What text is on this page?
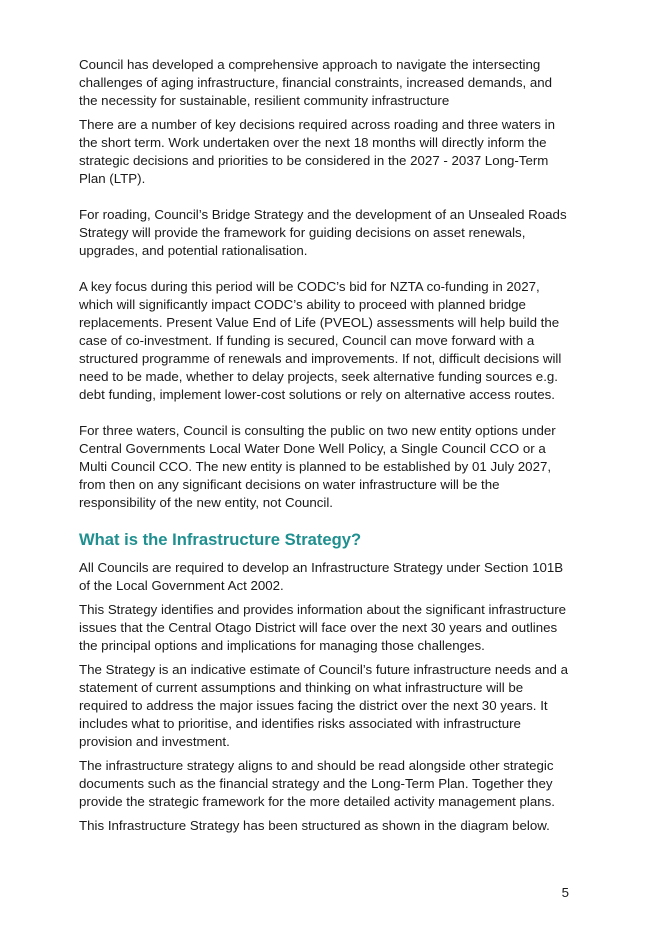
Council has developed a comprehensive approach to navigate the intersecting challenges of aging infrastructure, financial constraints, increased demands, and the necessity for sustainable, resilient community infrastructure

There are a number of key decisions required across roading and three waters in the short term. Work undertaken over the next 18 months will directly inform the strategic decisions and priorities to be considered in the 2027 - 2037 Long-Term Plan (LTP).

For roading, Council’s Bridge Strategy and the development of an Unsealed Roads Strategy will provide the framework for guiding decisions on asset renewals, upgrades, and potential rationalisation.

A key focus during this period will be CODC’s bid for NZTA co-funding in 2027, which will significantly impact CODC’s ability to proceed with planned bridge replacements. Present Value End of Life (PVEOL) assessments will help build the case of co-investment. If funding is secured, Council can move forward with a structured programme of renewals and improvements. If not, difficult decisions will need to be made, whether to delay projects, seek alternative funding sources e.g. debt funding, implement lower-cost solutions or rely on alternative access routes.

For three waters, Council is consulting the public on two new entity options under Central Governments Local Water Done Well Policy, a Single Council CCO or a Multi Council CCO. The new entity is planned to be established by 01 July 2027, from then on any significant decisions on water infrastructure will be the responsibility of the new entity, not Council.

What is the Infrastructure Strategy?

All Councils are required to develop an Infrastructure Strategy under Section 101B of the Local Government Act 2002.

This Strategy identifies and provides information about the significant infrastructure issues that the Central Otago District will face over the next 30 years and outlines the principal options and implications for managing those challenges.

The Strategy is an indicative estimate of Council’s future infrastructure needs and a statement of current assumptions and thinking on what infrastructure will be required to address the major issues facing the district over the next 30 years. It includes what to prioritise, and identifies risks associated with infrastructure provision and investment.

The infrastructure strategy aligns to and should be read alongside other strategic documents such as the financial strategy and the Long-Term Plan. Together they provide the strategic framework for the more detailed activity management plans.

This Infrastructure Strategy has been structured as shown in the diagram below.

5
